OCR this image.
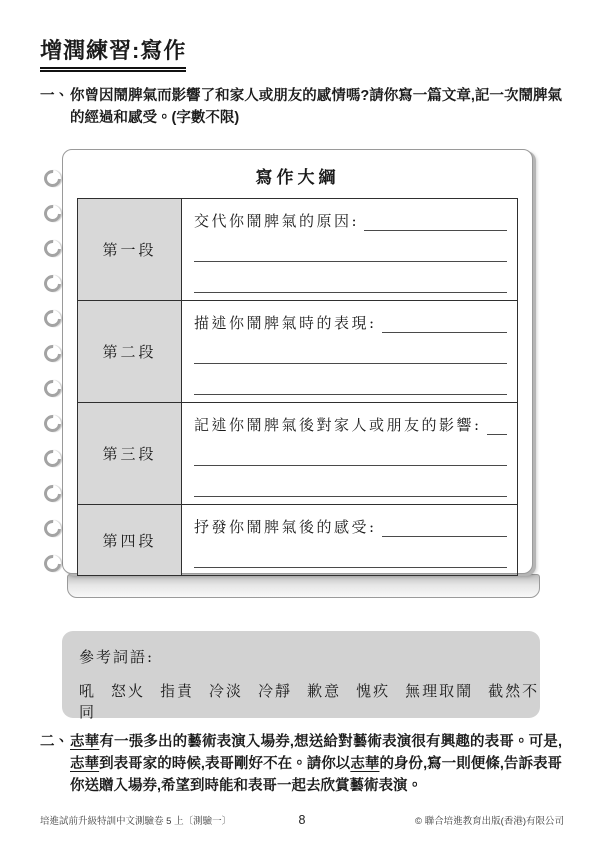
增潤練習:寫作
一、 你曾因鬧脾氣而影響了和家人或朋友的感情嗎?請你寫一篇文章,記一次鬧脾氣的經過和感受。(字數不限)
寫作大綱
第一段
交代你鬧脾氣的原因:
第二段
描述你鬧脾氣時的表現:
第三段
記述你鬧脾氣後對家人或朋友的影響:
第四段
抒發你鬧脾氣後的感受:
參考詞語:
吼 怒火 指責 冷淡 冷靜 歉意 愧疚 無理取鬧 截然不同
二、 志華有一張多出的藝術表演入場券,想送給對藝術表演很有興趣的表哥。可是,志華到表哥家的時候,表哥剛好不在。請你以志華的身份,寫一則便條,告訴表哥你送贈入場券,希望到時能和表哥一起去欣賞藝術表演。
培進試前升級特訓中文測驗卷 5 上〔測驗一〕	8	© 聯合培進教育出版(香港)有限公司
